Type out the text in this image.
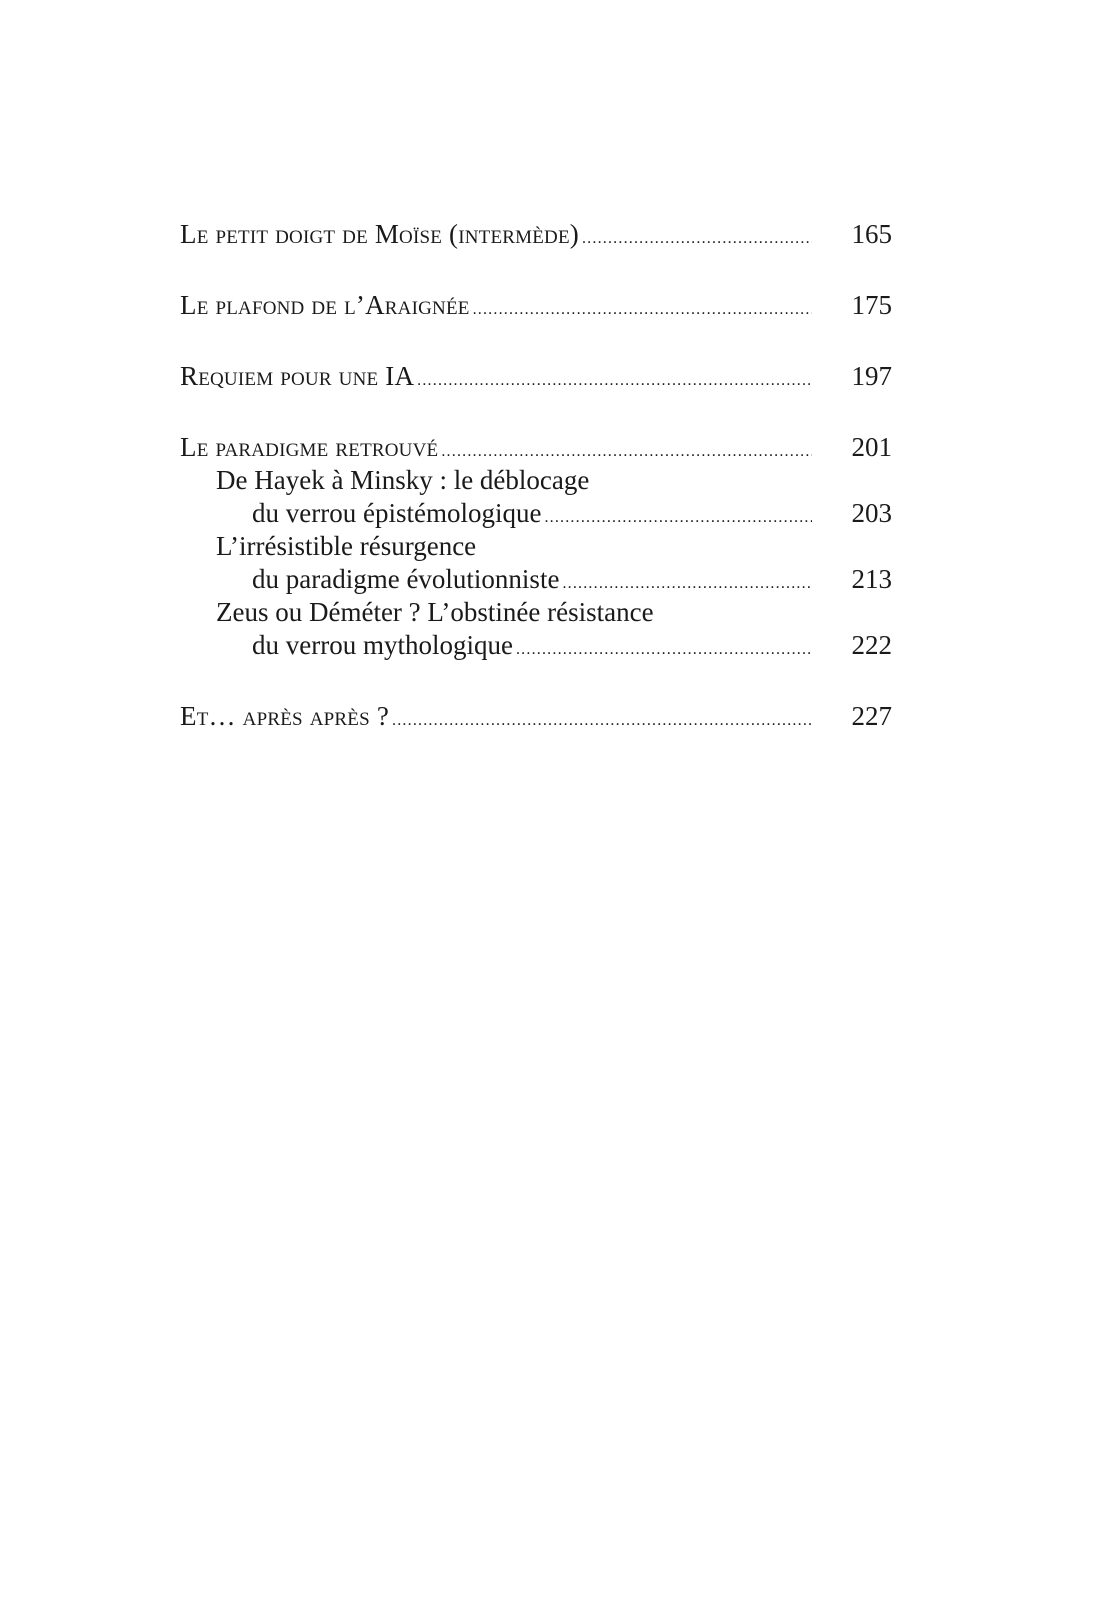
Le petit doigt de Moïse (intermède) .....	165
Le plafond de l’Araignée .....	175
Requiem pour une IA .....	197
Le paradigme retrouvé .....	201
De Hayek à Minsky : le déblocage
du verrou épistémologique .....	203
L’irrésistible résurgence
du paradigme évolutionniste .....	213
Zeus ou Déméter ? L’obstinée résistance
du verrou mythologique .....	222
Et… après après ? .....	227
